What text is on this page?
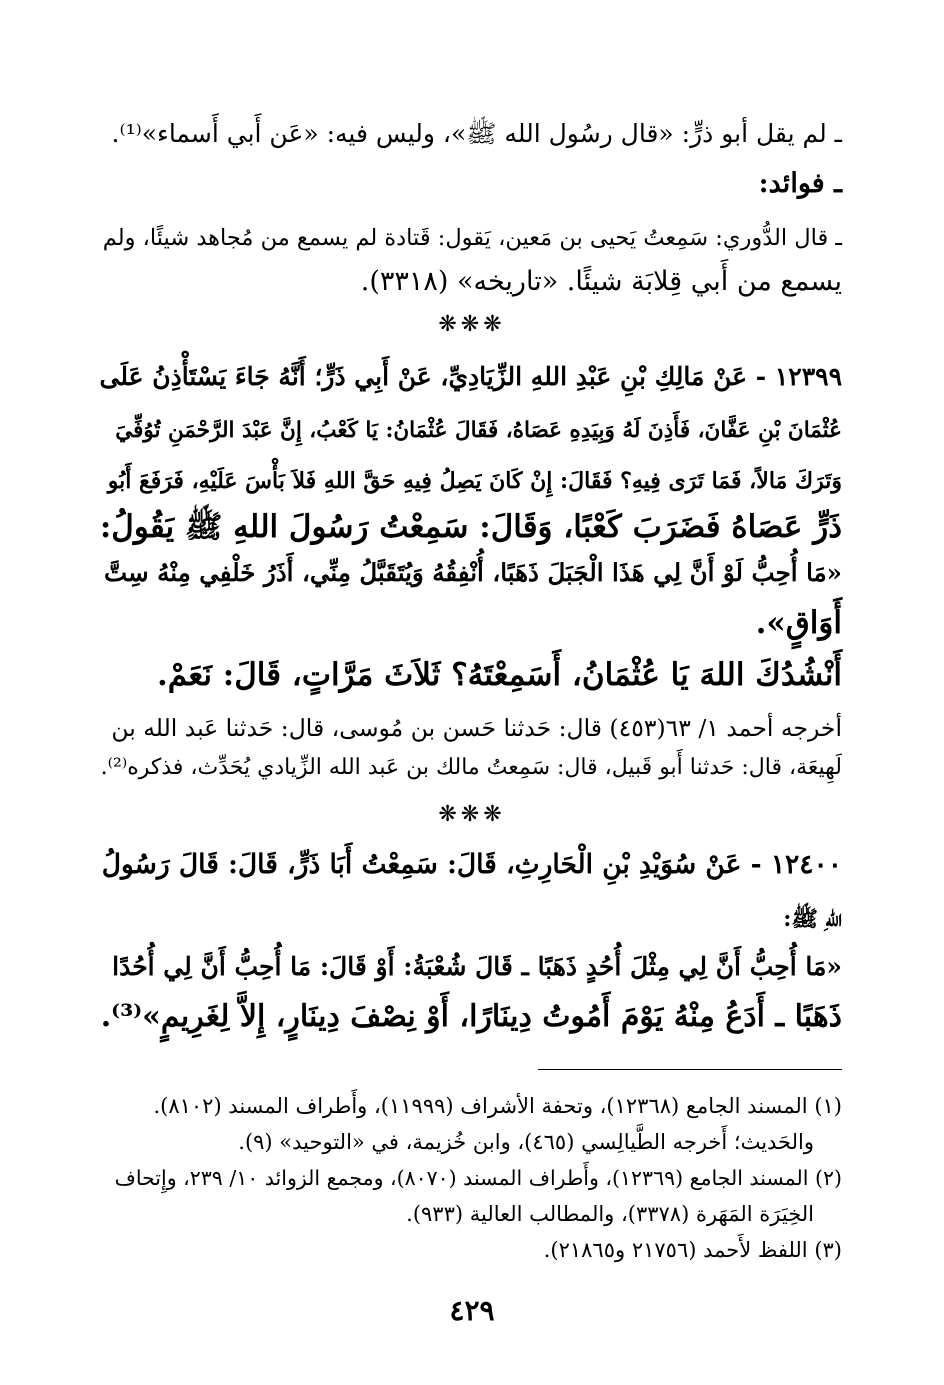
ـ لم يقل أبو ذرٍّ: «قال رسُول الله ﷺ»، وليس فيه: «عَن أَبي أَسماء»⁽¹⁾.
ـ فوائد:
ـ قال الدُّوري: سَمِعتُ يَحيى بن مَعين، يَقول: قَتادة لم يسمع من مُجاهد شيئًا، ولم
يسمع من أَبي قِلابَة شيئًا. «تاريخه» (٣٣١٨).
❋❋❋
١٢٣٩٩ - عَنْ مَالِكِ بْنِ عَبْدِ اللهِ الزِّيَادِيِّ، عَنْ أَبِي ذَرٍّ؛ أَنَّهُ جَاءَ يَسْتَأْذِنُ عَلَى
عُثْمَانَ بْنِ عَفَّانَ، فَأَذِنَ لَهُ وَبِيَدِهِ عَصَاهُ، فَقَالَ عُثْمَانُ: يَا كَعْبُ، إِنَّ عَبْدَ الرَّحْمَنِ تُوُفِّيَ
وَتَرَكَ مَالاً، فَمَا تَرَى فِيهِ؟ فَقَالَ: إِنْ كَانَ يَصِلُ فِيهِ حَقَّ اللهِ فَلاَ بَأْسَ عَلَيْهِ، فَرَفَعَ أَبُو
ذَرٍّ عَصَاهُ فَضَرَبَ كَعْبًا، وَقَالَ: سَمِعْتُ رَسُولَ اللهِ ﷺ يَقُولُ:
«مَا أُحِبُّ لَوْ أَنَّ لِي هَذَا الْجَبَلَ ذَهَبًا، أُنْفِقُهُ وَيُتَقَبَّلُ مِنِّي، أَذَرُ خَلْفِي مِنْهُ سِتَّ
أَوَاقٍ».
أَنْشُدُكَ اللهَ يَا عُثْمَانُ، أَسَمِعْتَهُ؟ ثَلاَثَ مَرَّاتٍ، قَالَ: نَعَمْ.
أخرجه أحمد ١/ ٦٣(٤٥٣) قال: حَدثنا حَسن بن مُوسى، قال: حَدثنا عَبد الله بن
لَهِيعَة، قال: حَدثنا أَبو قَبيل، قال: سَمِعتُ مالك بن عَبد الله الزِّيادي يُحَدِّث، فذكره⁽²⁾.
❋❋❋
١٢٤٠٠ - عَنْ سُوَيْدِ بْنِ الْحَارِثِ، قَالَ: سَمِعْتُ أَبَا ذَرٍّ، قَالَ: قَالَ رَسُولُ
اللهِ ﷺ:
«مَا أُحِبُّ أَنَّ لِي مِثْلَ أُحُدٍ ذَهَبًا ـ قَالَ شُعْبَةُ: أَوْ قَالَ: مَا أُحِبُّ أَنَّ لِي أُحُدًا
ذَهَبًا ـ أَدَعُ مِنْهُ يَوْمَ أَمُوتُ دِينَارًا، أَوْ نِصْفَ دِينَارٍ، إِلاَّ لِغَرِيمٍ»⁽³⁾.
(١) المسند الجامع (١٢٣٦٨)، وتحفة الأشراف (١١٩٩٩)، وأَطراف المسند (٨١٠٢).
والحَديث؛ أَخرجه الطَّيالِسي (٤٦٥)، وابن خُزيمة، في «التوحيد» (٩).
(٢) المسند الجامع (١٢٣٦٩)، وأَطراف المسند (٨٠٧٠)، ومجمع الزوائد ١٠/ ٢٣٩، وإِتحاف
الخِيَرَة المَهَرة (٣٣٧٨)، والمطالب العالية (٩٣٣).
(٣) اللفظ لأَحمد (٢١٧٥٦ و٢١٨٦٥).
٤٢٩
